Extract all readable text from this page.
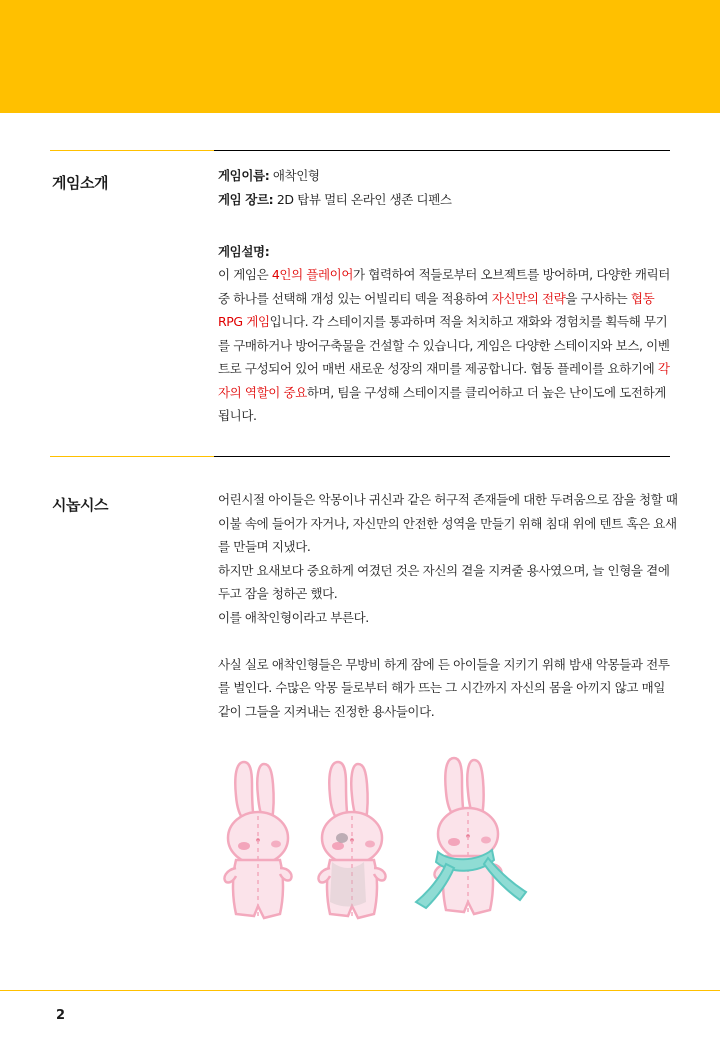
게임소개	게임이름: 애착인형

게임 장르: 2D 탑뷰 멀티 온라인 생존 디펜스

게임설명:

이 게임은 4인의 플레이어가 협력하여 적들로부터 오브젝트를 방어하며, 다양한 캐릭터 중 하나를 선택해 개성 있는 어빌리티 덱을 적용하여 자신만의 전략을 구사하는 협동 RPG 게임입니다. 각 스테이지를 통과하며 적을 처치하고 재화와 경험치를 획득해 무기를 구매하거나 방어구축물을 건설할 수 있습니다, 게임은 다양한 스테이지와 보스, 이벤트로 구성되어 있어 매번 새로운 성장의 재미를 제공합니다. 협동 플레이를 요하기에 각자의 역할이 중요하며, 팀을 구성해 스테이지를 클리어하고 더 높은 난이도에 도전하게 됩니다.

시놉시스	어린시절 아이들은 악몽이나 귀신과 같은 허구적 존재들에 대한 두려움으로 잠을 청할 때 이불 속에 들어가 자거나, 자신만의 안전한 성역을 만들기 위해 침대 위에 텐트 혹은 요새를 만들며 지냈다.

하지만 요새보다 중요하게 여겼던 것은 자신의 곁을 지켜줄 용사였으며, 늘 인형을 곁에 두고 잠을 청하곤 했다.

이를 애착인형이라고 부른다.

사실 실로 애착인형들은 무방비 하게 잠에 든 아이들을 지키기 위해 밤새 악몽들과 전투를 벌인다. 수많은 악몽 들로부터 해가 뜨는 그 시간까지 자신의 몸을 아끼지 않고 매일 같이 그들을 지켜내는 진정한 용사들이다.

2
